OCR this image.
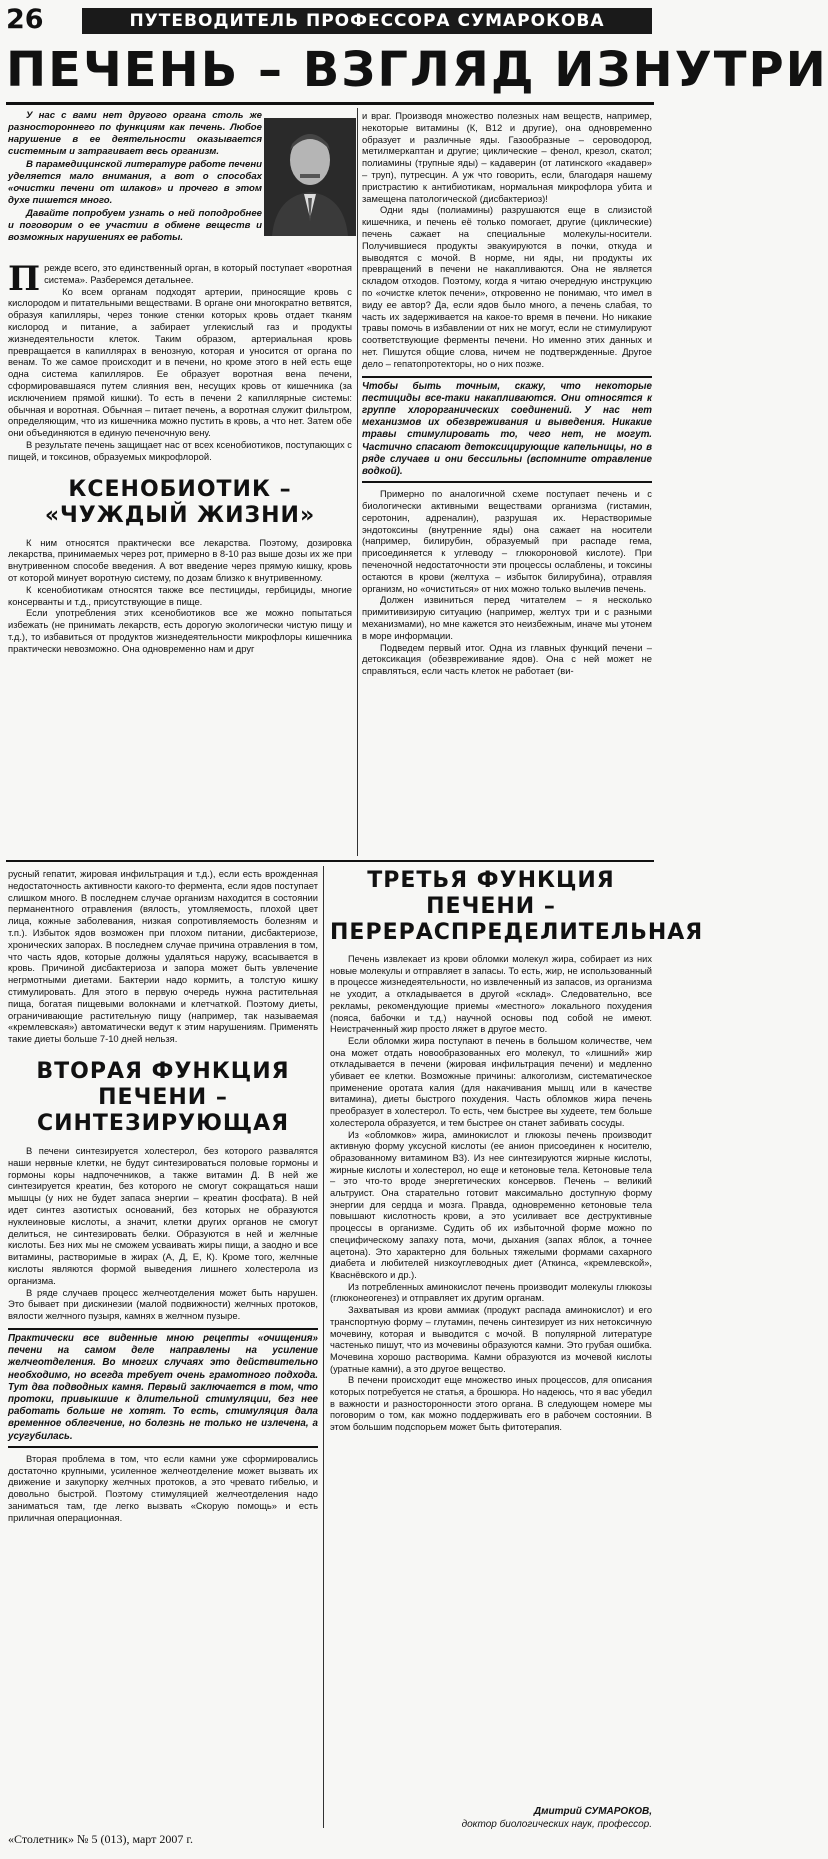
26	ПУТЕВОДИТЕЛЬ ПРОФЕССОРА СУМАРОКОВА
ПЕЧЕНЬ – ВЗГЛЯД ИЗНУТРИ

У нас с вами нет другого органа столь же разностороннего по функциям как печень. Любое нарушение в ее деятельности оказывается системным и затрагивает весь организм.

В парамедицинской литературе работе печени уделяется мало внимания, а вот о способах «очистки печени от шлаков» и прочего в этом духе пишется много.

Давайте попробуем узнать о ней поподробнее и поговорим о ее участии в обмене веществ и возможных нарушениях ее работы.

и враг. Производя множество полезных нам веществ, например, некоторые витамины (К, В12 и другие), она одновременно образует и различные яды. Газообразные – сероводород, метилмеркаптан и другие; циклические – фенол, крезол, скатол; полиамины (трупные яды) – кадаверин (от латинского «кадавер» – труп), путресцин. А уж что говорить, если, благодаря нашему пристрастию к антибиотикам, нормальная микрофлора убита и замещена патологической (дисбактериоз)!

Одни яды (полиамины) разрушаются еще в слизистой кишечника, и печень её только помогает, другие (циклические) печень сажает на специальные молекулы-носители. Получившиеся продукты эвакуируются в почки, откуда и выводятся с мочой. В норме, ни яды, ни продукты их превращений в печени не накапливаются. Она не является складом отходов. Поэтому, когда я читаю очередную инструкцию по «очистке клеток печени», откровенно не понимаю, что имел в виду ее автор? Да, если ядов было много, а печень слабая, то часть их задерживается на какое-то время в печени. Но никакие травы помочь в избавлении от них не могут, если не стимулируют соответствующие ферменты печени. Но именно этих данных и нет. Пишутся общие слова, ничем не подтвержденные. Другое дело – гепатопротекторы, но о них позже.

Чтобы быть точным, скажу, что некоторые пестициды все-таки накапливаются. Они относятся к группе хлорорганических соединений. У нас нет механизмов их обезвреживания и выведения. Никакие травы стимулировать то, чего нет, не могут. Частично спасают детоксицирующие капельницы, но в ряде случаев и они бессильны (вспомните отравление водкой).

Примерно по аналогичной схеме поступает печень и с биологически активными веществами организма (гистамин, серотонин, адреналин), разрушая их. Нерастворимые эндотоксины (внутренние яды) она сажает на носители (например, билирубин, образуемый при распаде гема, присоединяется к углеводу – глюкороновой кислоте). При печеночной недостаточности эти процессы ослаблены, и токсины остаются в крови (желтуха – избыток билирубина), отравляя организм, но «очиститься» от них можно только вылечив печень.

Должен извиниться перед читателем – я несколько примитивизирую ситуацию (например, желтух три и с разными механизмами), но мне кажется это неизбежным, иначе мы утонем в море информации.

Подведем первый итог. Одна из главных функций печени – детоксикация (обезвреживание ядов). Она с ней может не справляться, если часть клеток не работает (ви-

Прежде всего, это единственный орган, в который поступает «воротная система». Разберемся детальнее.

Ко всем органам подходят артерии, приносящие кровь с кислородом и питательными веществами. В органе они многократно ветвятся, образуя капилляры, через тонкие стенки которых кровь отдает тканям кислород и питание, а забирает углекислый газ и продукты жизнедеятельности клеток. Таким образом, артериальная кровь превращается в капиллярах в венозную, которая и уносится от органа по венам. То же самое происходит и в печени, но кроме этого в ней есть еще одна система капилляров. Ее образует воротная вена печени, сформировавшаяся путем слияния вен, несущих кровь от кишечника (за исключением прямой кишки). То есть в печени 2 капиллярные системы: обычная и воротная. Обычная – питает печень, а воротная служит фильтром, определяющим, что из кишечника можно пустить в кровь, а что нет. Затем обе они объединяются в единую печеночную вену.

В результате печень защищает нас от всех ксенобиотиков, поступающих с пищей, и токсинов, образуемых микрофлорой.

КСЕНОБИОТИК – «ЧУЖДЫЙ ЖИЗНИ»

К ним относятся практически все лекарства. Поэтому, дозировка лекарства, принимаемых через рот, примерно в 8-10 раз выше дозы их же при внутривенном способе введения. А вот введение через прямую кишку, кровь от которой минует воротную систему, по дозам близко к внутривенному.

К ксенобиотикам относятся также все пестициды, гербициды, многие консерванты и т.д., присутствующие в пище.

Если употребления этих ксенобиотиков все же можно попытаться избежать (не принимать лекарств, есть дорогую экологически чистую пищу и т.д.), то избавиться от продуктов жизнедеятельности микрофлоры кишечника практически невозможно. Она одновременно нам и друг

русный гепатит, жировая инфильтрация и т.д.), если есть врожденная недостаточность активности какого-то фермента, если ядов поступает слишком много. В последнем случае организм находится в состоянии перманентного отравления (вялость, утомляемость, плохой цвет лица, кожные заболевания, низкая сопротивляемость болезням и т.п.). Избыток ядов возможен при плохом питании, дисбактериозе, хронических запорах. В последнем случае причина отравления в том, что часть ядов, которые должны удаляться наружу, всасывается в кровь. Причиной дисбактериоза и запора может быть увлечение негрмотными диетами. Бактерии надо кормить, а толстую кишку стимулировать. Для этого в первую очередь нужна растительная пища, богатая пищевыми волокнами и клетчаткой. Поэтому диеты, ограничивающие растительную пищу (например, так называемая «кремлевская») автоматически ведут к этим нарушениям. Применять такие диеты больше 7-10 дней нельзя.

ВТОРАЯ ФУНКЦИЯ ПЕЧЕНИ – СИНТЕЗИРУЮЩАЯ

В печени синтезируется холестерол, без которого развалятся наши нервные клетки, не будут синтезироваться половые гормоны и гормоны коры надпочечников, а также витамин Д. В ней же синтезируется креатин, без которого не смогут сокращаться наши мышцы (у них не будет запаса энергии – креатин фосфата). В ней идет синтез азотистых оснований, без которых не образуются нуклеиновые кислоты, а значит, клетки других органов не смогут делиться, не синтезировать белки. Образуются в ней и желчные кислоты. Без них мы не сможем усваивать жиры пищи, а заодно и все витамины, растворимые в жирах (А, Д, Е, К). Кроме того, желчные кислоты являются формой выведения лишнего холестерола из организма.

В ряде случаев процесс желчеотделения может быть нарушен. Это бывает при дискинезии (малой подвижности) желчных протоков, вялости желчного пузыря, камнях в желчном пузыре.

Практически все виденные мною рецепты «очищения» печени на самом деле направлены на усиление желчеотделения. Во многих случаях это действительно необходимо, но всегда требует очень грамотного подхода. Тут два подводных камня. Первый заключается в том, что протоки, привыкшие к длительной стимуляции, без нее работать больше не хотят. То есть, стимуляция дала временное облегчение, но болезнь не только не излечена, а усугубилась.

Вторая проблема в том, что если камни уже сформировались достаточно крупными, усиленное желчеотделение может вызвать их движение и закупорку желчных протоков, а это чревато гибелью, и довольно быстрой. Поэтому стимуляцией желчеотделения надо заниматься там, где легко вызвать «Скорую помощь» и есть приличная операционная.

ТРЕТЬЯ ФУНКЦИЯ ПЕЧЕНИ – ПЕРЕРАСПРЕДЕЛИТЕЛЬНАЯ

Печень извлекает из крови обломки молекул жира, собирает из них новые молекулы и отправляет в запасы. То есть, жир, не использованный в процессе жизнедеятельности, но извлеченный из запасов, из организма не уходит, а откладывается в другой «склад». Следовательно, все рекламы, рекомендующие приемы «местного» локального похудения (пояса, бабочки и т.д.) научной основы под собой не имеют. Неистраченный жир просто ляжет в другое место.

Если обломки жира поступают в печень в большом количестве, чем она может отдать новообразованных его молекул, то «лишний» жир откладывается в печени (жировая инфильтрация печени) и медленно убивает ее клетки. Возможные причины: алкоголизм, систематическое применение оротата калия (для накачивания мышц или в качестве витамина), диеты быстрого похудения. Часть обломков жира печень преобразует в холестерол. То есть, чем быстрее вы худеете, тем больше холестерола образуется, и тем быстрее он станет забивать сосуды.

Из «обломков» жира, аминокислот и глюкозы печень производит активную форму уксусной кислоты (ее анион присоединен к носителю, образованному витамином В3). Из нее синтезируются жирные кислоты, жирные кислоты и холестерол, но еще и кетоновые тела. Кетоновые тела – это что-то вроде энергетических консервов. Печень – великий альтруист. Она старательно готовит максимально доступную форму энергии для сердца и мозга. Правда, одновременно кетоновые тела повышают кислотность крови, а это усиливает все деструктивные процессы в организме. Судить об их избыточной форме можно по специфическому запаху пота, мочи, дыхания (запах яблок, а точнее ацетона). Это характерно для больных тяжелыми формами сахарного диабета и любителей низкоуглеводных диет (Аткинса, «кремлевской», Кваснёвского и др.).

Из потребленных аминокислот печень производит молекулы глюкозы (глюконеогенез) и отправляет их другим органам.

Захватывая из крови аммиак (продукт распада аминокислот) и его транспортную форму – глутамин, печень синтезирует из них нетоксичную мочевину, которая и выводится с мочой. В популярной литературе частенько пишут, что из мочевины образуются камни. Это грубая ошибка. Мочевина хорошо растворима. Камни образуются из мочевой кислоты (уратные камни), а это другое вещество.

В печени происходит еще множество иных процессов, для описания которых потребуется не статья, а брошюра. Но надеюсь, что я вас убедил в важности и разносторонности этого органа. В следующем номере мы поговорим о том, как можно поддерживать его в рабочем состоянии. В этом большим подспорьем может быть фитотерапия.

Дмитрий СУМАРОКОВ,
доктор биологических наук, профессор.
«Столетник» № 5 (013), март 2007 г.
